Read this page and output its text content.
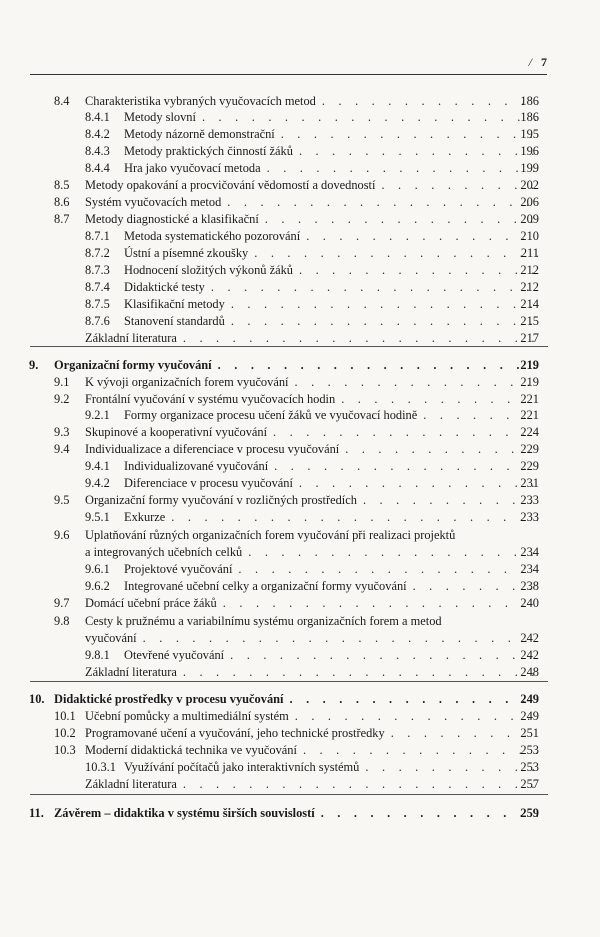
/ 7
8.4 Charakteristika vybraných vyučovacích metod . . .	186
8.4.1 Metody slovní . . .	186
8.4.2 Metody názorně demonstrační . . .	195
8.4.3 Metody praktických činností žáků . . .	196
8.4.4 Hra jako vyučovací metoda . . .	199
8.5 Metody opakování a procvičování vědomostí a dovedností . . .	202
8.6 Systém vyučovacích metod . . .	206
8.7 Metody diagnostické a klasifikační . . .	209
8.7.1 Metoda systematického pozorování . . .	210
8.7.2 Ústní a písemné zkoušky . . .	211
8.7.3 Hodnocení složitých výkonů žáků . . .	212
8.7.4 Didaktické testy . . .	212
8.7.5 Klasifikační metody . . .	214
8.7.6 Stanovení standardů . . .	215
Základní literatura . . .	217
9. Organizační formy vyučování . . .	219
9.1 K vývoji organizačních forem vyučování . . .	219
9.2 Frontální vyučování v systému vyučovacích hodin . . .	221
9.2.1 Formy organizace procesu učení žáků ve vyučovací hodině . . .	221
9.3 Skupinové a kooperativní vyučování . . .	224
9.4 Individualizace a diferenciace v procesu vyučování . . .	229
9.4.1 Individualizované vyučování . . .	229
9.4.2 Diferenciace v procesu vyučování . . .	231
9.5 Organizační formy vyučování v rozličných prostředích . . .	233
9.5.1 Exkurze . . .	233
9.6 Uplatňování různých organizačních forem vyučování při realizaci projektů
a integrovaných učebních celků . . .	234
9.6.1 Projektové vyučování . . .	234
9.6.2 Integrované učební celky a organizační formy vyučování . . .	238
9.7 Domácí učební práce žáků . . .	240
9.8 Cesty k pružnému a variabilnímu systému organizačních forem a metod
vyučování . . .	242
9.8.1 Otevřené vyučování . . .	242
Základní literatura . . .	248
10. Didaktické prostředky v procesu vyučování . . .	249
10.1 Učební pomůcky a multimediální systém . . .	249
10.2 Programované učení a vyučování, jeho technické prostředky . . .	251
10.3 Moderní didaktická technika ve vyučování . . .	253
10.3.1 Využívání počítačů jako interaktivních systémů . . .	253
Základní literatura . . .	257
11. Závěrem – didaktika v systému širších souvislostí . . .	259
